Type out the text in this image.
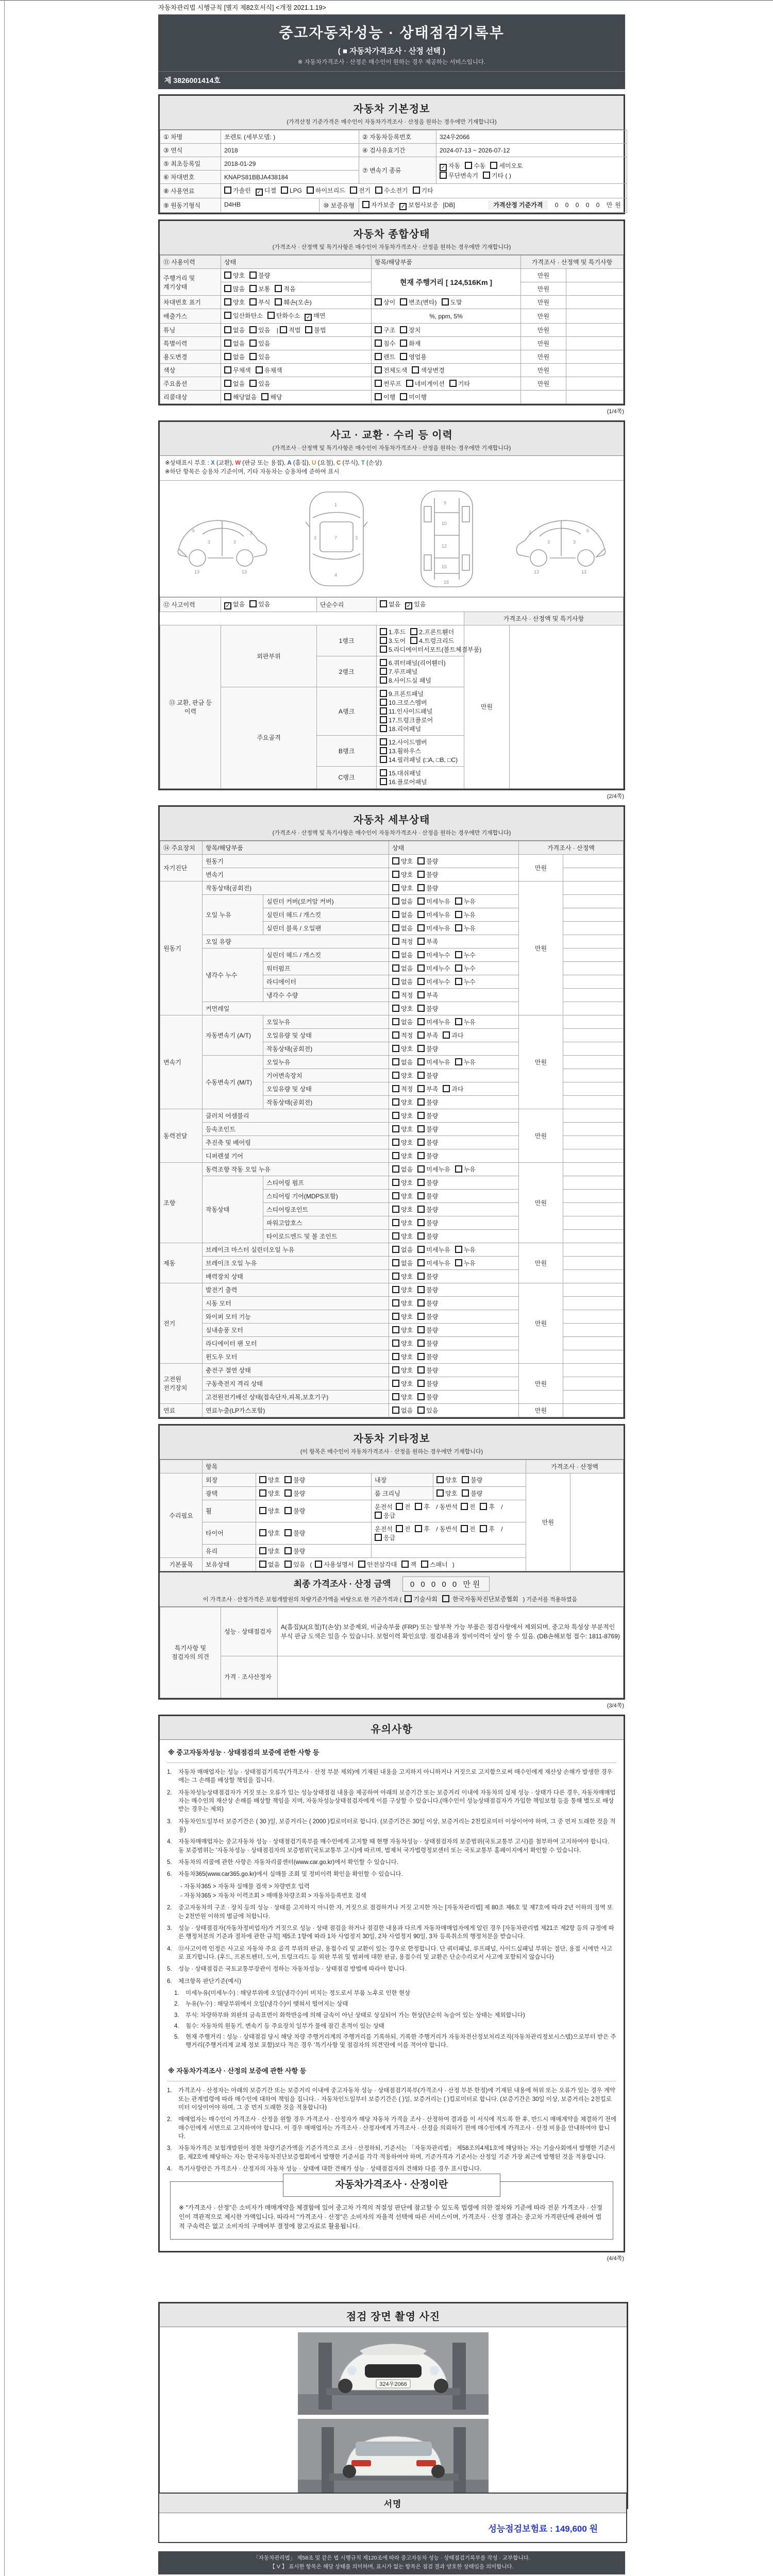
자동차관리법 시행규칙 [별지 제82호서식] <개정 2021.1.19>
중고자동차성능 · 상태점검기록부
( ■ 자동차가격조사 · 산정 선택 )
※ 자동차가격조사 · 산정은 매수인이 원하는 경우 제공하는 서비스입니다.
제 3826001414호
자동차 기본정보
(가격산정 기준가격은 매수인이 자동차가격조사 · 산정을 원하는 경우에만 기재합니다)
① 차명	쏘렌토 (세부모델: )	② 자동차등록번호	324우2066
③ 연식	2018	④ 검사유효기간	2024-07-13 ~ 2026-07-12
⑤ 최초등록일	2018-01-29	⑦ 변속기 종류	✓자동 수동 세미오토
무단변속기 기타 ( )
⑥ 차대번호	KNAPS81BBJA438184		
⑧ 사용연료	가솔린 ✓ 디젤 LPG 하이브리드 전기 수소전기 기타
⑨ 원동기형식	D4HB ⑩ 보증유형	자가보증 ✓ 보험사보증 [DB] 가격산정 기준가격 0 0 0 0 0 만원
자동차 종합상태
(가격조사 · 산정액 및 특기사항은 매수인이 자동차가격조사 · 산정을 원하는 경우에만 기재합니다)
⑪ 사용이력	상태	항목/해당부품	가격조사 · 산정액 및 특기사항	
주행거리 및 계기상태	양호 불량	현재 주행거리 [ 124,516Km ]	만원	
	많음 보통 적음		만원	
차대번호 표기	양호 부식 훼손(오손)	상이 변조(변타) 도말	만원	
배출가스	일산화탄소 탄화수소 ✓ 매연	%, ppm, 5%	만원	
튜닝	없음 있음 | 적법 불법	구조 장치	만원	
특별이력	없음 있음	침수 화재	만원	
용도변경	없음 있음	렌트 영업용	만원	
색상	무채색 유채색	전체도색 색상변경	만원	
주요옵션	없음 있음	썬루프 네비게이션 기타	만원	
리콜대상	해당없음 해당	이행 미이행		
(1/4쪽)
사고 · 교환 · 수리 등 이력
(가격조사 · 산정액 및 특기사항은 매수인이 자동차가격조사 · 산정을 원하는 경우에만 기재합니다)
※상태표시 부호 : X (교환), W (판금 또는 용접), A (흠집), U (요철), C (부식), T (손상)
※하단 항목은 승용차 기준이며, 기타 자동차는 승용차에 준하여 표시
3	3
6	2
13	13
1
7
4
3	3
9
10
12
15
16
3	3
6
2
13	13
⑫ 사고이력	✓없음 있음	단순수리	없음 ✓ 있음
				가격조사 · 산정액 및 특기사항	
⑬ 교환, 판금 등 이력	외판부위	1랭크	1.후드 2.프론트휀더3.도어 4.트렁크리드5.라디에이터서포트(볼트체결부품)	만원	
		2랭크	6.쿼터패널(리어휀더)7.루프패널8.사이드실 패널		
	주요골격	A랭크	9.프론트패널10.크로스멤버11.인사이드패널17.트렁크플로어18.리어패널		
		B랭크	12.사이드멤버13.휠하우스14.필러패널 (□A, □B, □C)		
		C랭크	15.대쉬패널16.플로어패널		
(2/4쪽)
자동차 세부상태
(가격조사 · 산정액 및 특기사항은 매수인이 자동차가격조사 · 산정을 원하는 경우에만 기재합니다)
⑭ 주요장치	항목/해당부품		상태	가격조사 · 산정액	
자기진단	원동기		양호 불량	만원	
	변속기		양호 불량		
원동기	작동상태(공회전)		양호 불량	만원	
	오일 누유	실린더 커버(로커암 커버)	없음 미세누유 누유		
		실린더 헤드 / 개스킷	없음 미세누유 누유		
		실린더 블록 / 오일팬	없음 미세누유 누유		
	오일 유량		적정 부족		
	냉각수 누수	실린더 헤드 / 개스킷	없음 미세누수 누수		
		워터펌프	없음 미세누수 누수		
		라디에이터	없음 미세누수 누수		
		냉각수 수량	적정 부족		
	커먼레일		양호 불량		
변속기	자동변속기 (A/T)	오일누유	없음 미세누유 누유	만원	
		오일유량 및 상태	적정 부족 과다		
		작동상태(공회전)	양호 불량		
	수동변속기 (M/T)	오일누유	없음 미세누유 누유		
		기어변속장치	양호 불량		
		오일유량 및 상태	적정 부족 과다		
		작동상태(공회전)	양호 불량		
동력전달	클러치 어셈블리		양호 불량	만원	
	등속조인트		양호 불량		
	추진축 및 베어링		양호 불량		
	디퍼렌셜 기어		양호 불량		
조향	동력조향 작동 오일 누유		없음 미세누유 누유	만원	
	작동상태	스티어링 펌프	양호 불량		
		스티어링 기어(MDPS포함)	양호 불량		
		스티어링조인트	양호 불량		
		파워고압호스	양호 불량		
		타이로드엔드 및 볼 조인트	양호 불량		
제동	브레이크 마스터 실린더오일 누유		없음 미세누유 누유	만원	
	브레이크 오일 누유		없음 미세누유 누유		
	배력장치 상태		양호 불량		
전기	발전기 출력		양호 불량	만원	
	시동 모터		양호 불량		
	와이퍼 모터 기능		양호 불량		
	실내송풍 모터		양호 불량		
	라디에이터 팬 모터		양호 불량		
	윈도우 모터		양호 불량		
고전원 전기장치	충전구 절연 상태		양호 불량	만원	
	구동축전지 격리 상태		양호 불량		
	고전원전기배선 상태(접속단자,피복,보호기구)		양호 불량		
연료	연료누출(LP가스포함)		없음 있음	만원	
자동차 기타정보
(이 항목은 매수인이 자동차가격조사 · 산정을 원하는 경우에만 기재합니다)
	항목				가격조사 · 산정액	
수리필요	외장	양호 불량	내장	양호 불량	만원	
	광택	양호 불량	룸 크리닝	양호 불량		
	휠	양호 불량	운전석 전 후 / 동반석 전 후 /응급			
	타이어	양호 불량	운전석 전 후 / 동반석 전 후 /응급			
	유리	양호 불량				
기본품목	보유상태	없음 있음 ( 사용설명서 안전삼각대 잭 스패너 )				
최종 가격조사 · 산정 금액 0 0 0 0 0 만원
이 가격조사 · 산정가격은 보험개발원의 차량기준가액을 바탕으로 한 기준가격과 ( 기술사회 한국자동차진단보증협회 ) 기준서를 적용하였음
특기사항 및 점검자의 의견	성능 · 상태점검자	A(흠집)U(요철)T(손상) 보증제외, 비금속부품 (FRP) 또는 탈부착 가능 부품은 점검사항에서 제외되며, 중고차 특성상 부분적인 부식 판금 도색은 있을 수 있습니다. 보험이력 확인요망. 점검내용과 정비이력이 상이 할 수 있음. (DB손해보험 접수: 1811-8769)
	가격 · 조사산정자	
(3/4쪽)
유의사항
※ 중고자동차성능 · 상태점검의 보증에 관한 사항 등
1.	자동차 매매업자는 성능 · 상태점검기록부(가격조사 · 산정 부분 제외)에 기재된 내용을 고지하지 아니하거나 거짓으로 고지함으로써 매수인에게 재산상 손해가 발생한 경우에는 그 손해를 배상할 책임을 집니다.
2.	자동차성능상태점검자가 거짓 또는 오류가 있는 성능상태점검 내용을 제공하여 아래의 보증기간 또는 보증거리 이내에 자동차의 실제 성능 · 상태가 다른 경우, 자동차매매업자는 매수인의 재산상 손해를 배상할 책임을 지며, 자동차성능상태점검자에게 이를 구상할 수 있습니다.(매수인이 성능상태점검자가 가입한 책임보험 등을 통해 별도로 배상받는 경우는 제외)
3.	자동차인도일부터 보증기간은 ( 30 )일, 보증거리는 ( 2000 )킬로미터로 합니다. (보증기간은 30일 이상, 보증거리는 2천킬로미터 이상이어야 하며, 그 중 먼저 도래한 것을 적용)
4.	자동차매매업자는 중고자동차 성능 · 상태점검기록부를 매수인에게 고지할 때 현행 자동차성능 · 상태점검자의 보증범위(국토교통부 고시)를 첨부하여 고지하여야 합니다. 동 보증범위는 '자동차성능 · 상태점검자의 보증범위'(국토교통부 고시)에 따르며, 법제처 국가법령정보센터 또는 국토교통부 홈페이지에서 확인할 수 있습니다.
5.	자동차의 리콜에 관한 사항은 자동차리콜센터(www.car.go.kr)에서 확인할 수 있습니다.
6.	자동차365(www.car365.go.kr)에서 실매물 조회 및 정비이력 확인을 확인할 수 있습니다.
- 자동차365 > 자동차 실매물 검색 > 차량번호 입력
- 자동차365 > 자동차 이력조회 > 매매용차량조회 > 자동차등록번호 검색
2.	중고자동차의 구조 · 장치 등의 성능 · 상태를 고지하지 아니한 자, 거짓으로 점검하거나 거짓 고지한 자는 [자동차관리법] 제 80조 제6호 및 제7호에 따라 2년 이하의 징역 또는 2천만원 이하의 벌금에 처합니다.
3.	성능 · 상태점검자(자동차정비업자)가 거짓으로 성능 · 상태 점검을 하거나 점검한 내용과 다르게 자동차매매업자에게 알린 경우 [자동차관리법 제21조 제2항 등의 규정에 따른 행정처분의 기준과 절차에 관한 규칙] 제5조 1항에 따라 1차 사업정지 30일, 2차 사업정지 90일, 3차 등록취소의 행정처분을 받습니다.
4.	⑫사고이력 인정은 사고로 자동차 주요 골격 부위의 판금, 용접수리 및 교환이 있는 경우로 한정합니다. 단 쿼터패널, 루프패널, 사이드실패널 부위는 절단, 용접 시에만 사고로 표기합니다. (후드, 프론트펜더, 도어, 트렁크리드 등 외판 부위 및 범퍼에 대한 판금, 용접수리 및 교환은 단순수리로서 사고에 포함되지 않습니다)
5.	성능 · 상태점검은 국토교통부장관이 정하는 자동차성능 · 상태점검 방법에 따라야 합니다.
6.	체크항목 판단기준(예시)
1.	미세누유(미세누수) : 해당부위에 오일(냉각수)이 비치는 정도로서 부품 노후로 인한 현상
2.	누유(누수) : 해당부위에서 오일(냉각수)이 맺혀서 떨어지는 상태
3.	부식: 차량하부와 외판의 금속표면이 화학반응에 의해 금속이 아닌 상태로 상실되어 가는 현상(단순히 녹슬어 있는 상태는 제외합니다)
4.	침수: 자동차의 원동기, 변속기 등 주요장치 일부가 물에 잠긴 흔적이 있는 상태
5.	현재 주행거리 : 성능 · 상태점검 당시 해당 차량 주행거리계의 주행거리를 기록하되, 기록한 주행거리가 자동차전산정보처리조직(자동차관리정보시스템)으로부터 받은 주행거리(주행거리계 교체 정보 포함)보다 적은 경우 '특기사항 및 점검자의 의견'란에 이를 적어야 합니다.
※ 자동차가격조사 · 산정의 보증에 관한 사항 등
1.	가격조사 · 산정자는 아래의 보증기간 또는 보증거리 이내에 중고자동차 성능 · 상태점검기록부(가격조사 · 산정 부분 한정)에 기재된 내용에 허위 또는 오류가 있는 경우 계약 또는 관계법령에 따라 매수인에 대하여 책임을 집니다. · 자동차인도일부터 보증기간은 ( )일, 보증거리는 ( )킬로미터로 합니다. (보증기간은 30일 이상, 보증거리는 2천킬로미터 이상이어야 하며, 그 중 먼저 도래한 것을 적용합니다)
2.	매매업자는 매수인이 가격조사 · 산정을 원할 경우 가격조사 · 산정자가 해당 자동차 가격을 조사 · 산정하여 결과를 이 서식에 적도록 한 후, 반드시 매매계약을 체결하기 전에 매수인에게 서면으로 고지하여야 합니다. 이 경우 매매업자는 가격조사 · 산정자에게 가격조사 · 산정을 의뢰하기 전에 매수인에게 가격조사 · 산정 비용을 안내하여야 합니다.
3.	자동차가격은 보험개발원이 정한 차량기준가액을 기준가격으로 조사 · 산정하되, 기준서는 「자동차관리법」 제58조의4제1호에 해당하는 자는 기술사회에서 발행한 기준서를, 제2호에 해당하는 자는 한국자동차진단보증협회에서 발행한 기준서를 각각 적용하여야 하며, 기준가격과 기준서는 산정일 기준 가장 최근에 발행된 것을 적용합니다.
4.	특기사항란은 가격조사 · 산정자의 자동차 성능 · 상태에 대한 견해가 성능 · 상태점검자의 견해와 다를 경우 표시합니다.
자동차가격조사 · 산정이란
※ "가격조사 · 산정"은 소비자가 매매계약을 체결함에 있어 중고차 가격의 적절성 판단에 참고할 수 있도록 법령에 의한 절차와 기준에 따라 전문 가격조사 · 산정인이 객관적으로 제시한 가액입니다. 따라서 "가격조사 · 산정"은 소비자의 자율적 선택에 따른 서비스이며, 가격조사 · 산정 결과는 중고차 가격판단에 관하여 법적 구속력은 없고 소비자의 구매여부 결정에 참고자료로 활용됩니다.
(4/4쪽)
점검 장면 촬영 사진
324우2066
서명
성능점검보험료 : 149,600 원
「자동차관리법」 제58조 및 같은 법 시행규칙 제120조에 따라 중고자동차 성능 · 상태점검기록부를 작성 · 교부합니다.
【 V 】 표시한 항목은 해당 상태를 의미하며, 표시가 없는 항목은 점검 결과 양호한 상태임을 의미합니다.
